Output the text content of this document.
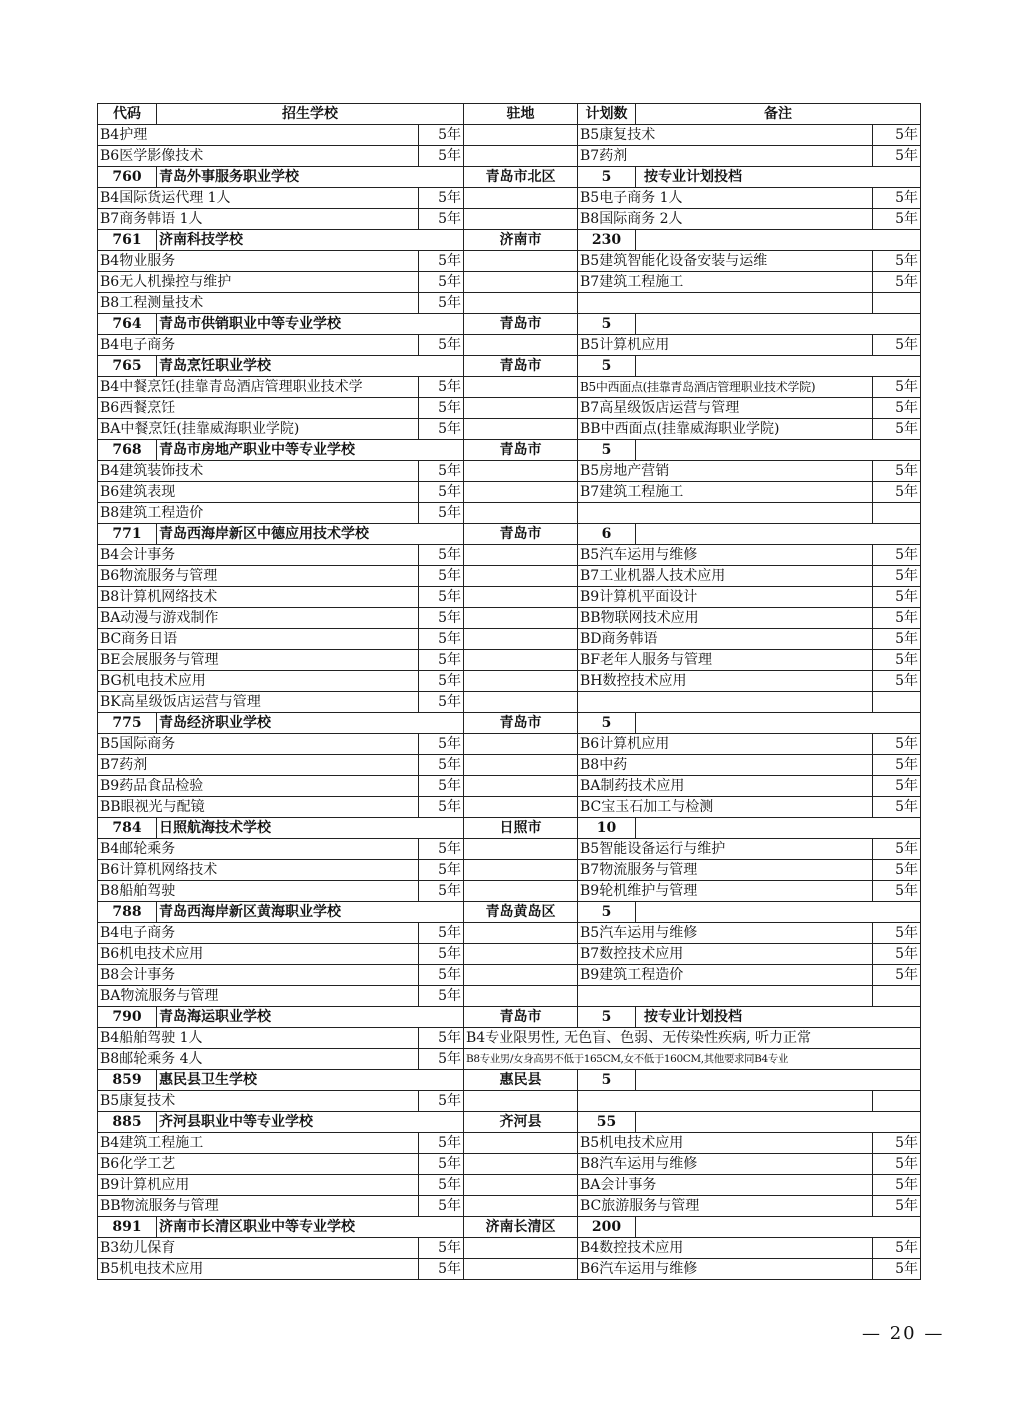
代码	招生学校		驻地	计划数	备注	
B4护理		5年		B5康复技术		5年
B6医学影像技术		5年		B7药剂		5年
760	青岛外事服务职业学校		青岛市北区	5	按专业计划投档	
B4国际货运代理 1人		5年		B5电子商务 1人		5年
B7商务韩语 1人		5年		B8国际商务 2人		5年
761	济南科技学校		济南市	230		
B4物业服务		5年		B5建筑智能化设备安装与运维		5年
B6无人机操控与维护		5年		B7建筑工程施工		5年
B8工程测量技术		5年				
764	青岛市供销职业中等专业学校		青岛市	5		
B4电子商务		5年		B5计算机应用		5年
765	青岛烹饪职业学校		青岛市	5		
B4中餐烹饪(挂靠青岛酒店管理职业技术学		5年		B5中西面点(挂靠青岛酒店管理职业技术学院)		5年
B6西餐烹饪		5年		B7高星级饭店运营与管理		5年
BA中餐烹饪(挂靠威海职业学院)		5年		BB中西面点(挂靠威海职业学院)		5年
768	青岛市房地产职业中等专业学校		青岛市	5		
B4建筑装饰技术		5年		B5房地产营销		5年
B6建筑表现		5年		B7建筑工程施工		5年
B8建筑工程造价		5年				
771	青岛西海岸新区中德应用技术学校		青岛市	6		
B4会计事务		5年		B5汽车运用与维修		5年
B6物流服务与管理		5年		B7工业机器人技术应用		5年
B8计算机网络技术		5年		B9计算机平面设计		5年
BA动漫与游戏制作		5年		BB物联网技术应用		5年
BC商务日语		5年		BD商务韩语		5年
BE会展服务与管理		5年		BF老年人服务与管理		5年
BG机电技术应用		5年		BH数控技术应用		5年
BK高星级饭店运营与管理		5年				
775	青岛经济职业学校		青岛市	5		
B5国际商务		5年		B6计算机应用		5年
B7药剂		5年		B8中药		5年
B9药品食品检验		5年		BA制药技术应用		5年
BB眼视光与配镜		5年		BC宝玉石加工与检测		5年
784	日照航海技术学校		日照市	10		
B4邮轮乘务		5年		B5智能设备运行与维护		5年
B6计算机网络技术		5年		B7物流服务与管理		5年
B8船舶驾驶		5年		B9轮机维护与管理		5年
788	青岛西海岸新区黄海职业学校		青岛黄岛区	5		
B4电子商务		5年		B5汽车运用与维修		5年
B6机电技术应用		5年		B7数控技术应用		5年
B8会计事务		5年		B9建筑工程造价		5年
BA物流服务与管理		5年				
790	青岛海运职业学校		青岛市	5	按专业计划投档	
B4船舶驾驶 1人		5年	B4专业限男性, 无色盲、色弱、无传染性疾病, 听力正常			
B8邮轮乘务 4人		5年	B8专业男/女身高男不低于165CM,女不低于160CM,其他要求同B4专业			
859	惠民县卫生学校		惠民县	5		
B5康复技术		5年				
885	齐河县职业中等专业学校		齐河县	55		
B4建筑工程施工		5年		B5机电技术应用		5年
B6化学工艺		5年		B8汽车运用与维修		5年
B9计算机应用		5年		BA会计事务		5年
BB物流服务与管理		5年		BC旅游服务与管理		5年
891	济南市长清区职业中等专业学校		济南长清区	200		
B3幼儿保育		5年		B4数控技术应用		5年
B5机电技术应用		5年		B6汽车运用与维修		5年
— 20 —
